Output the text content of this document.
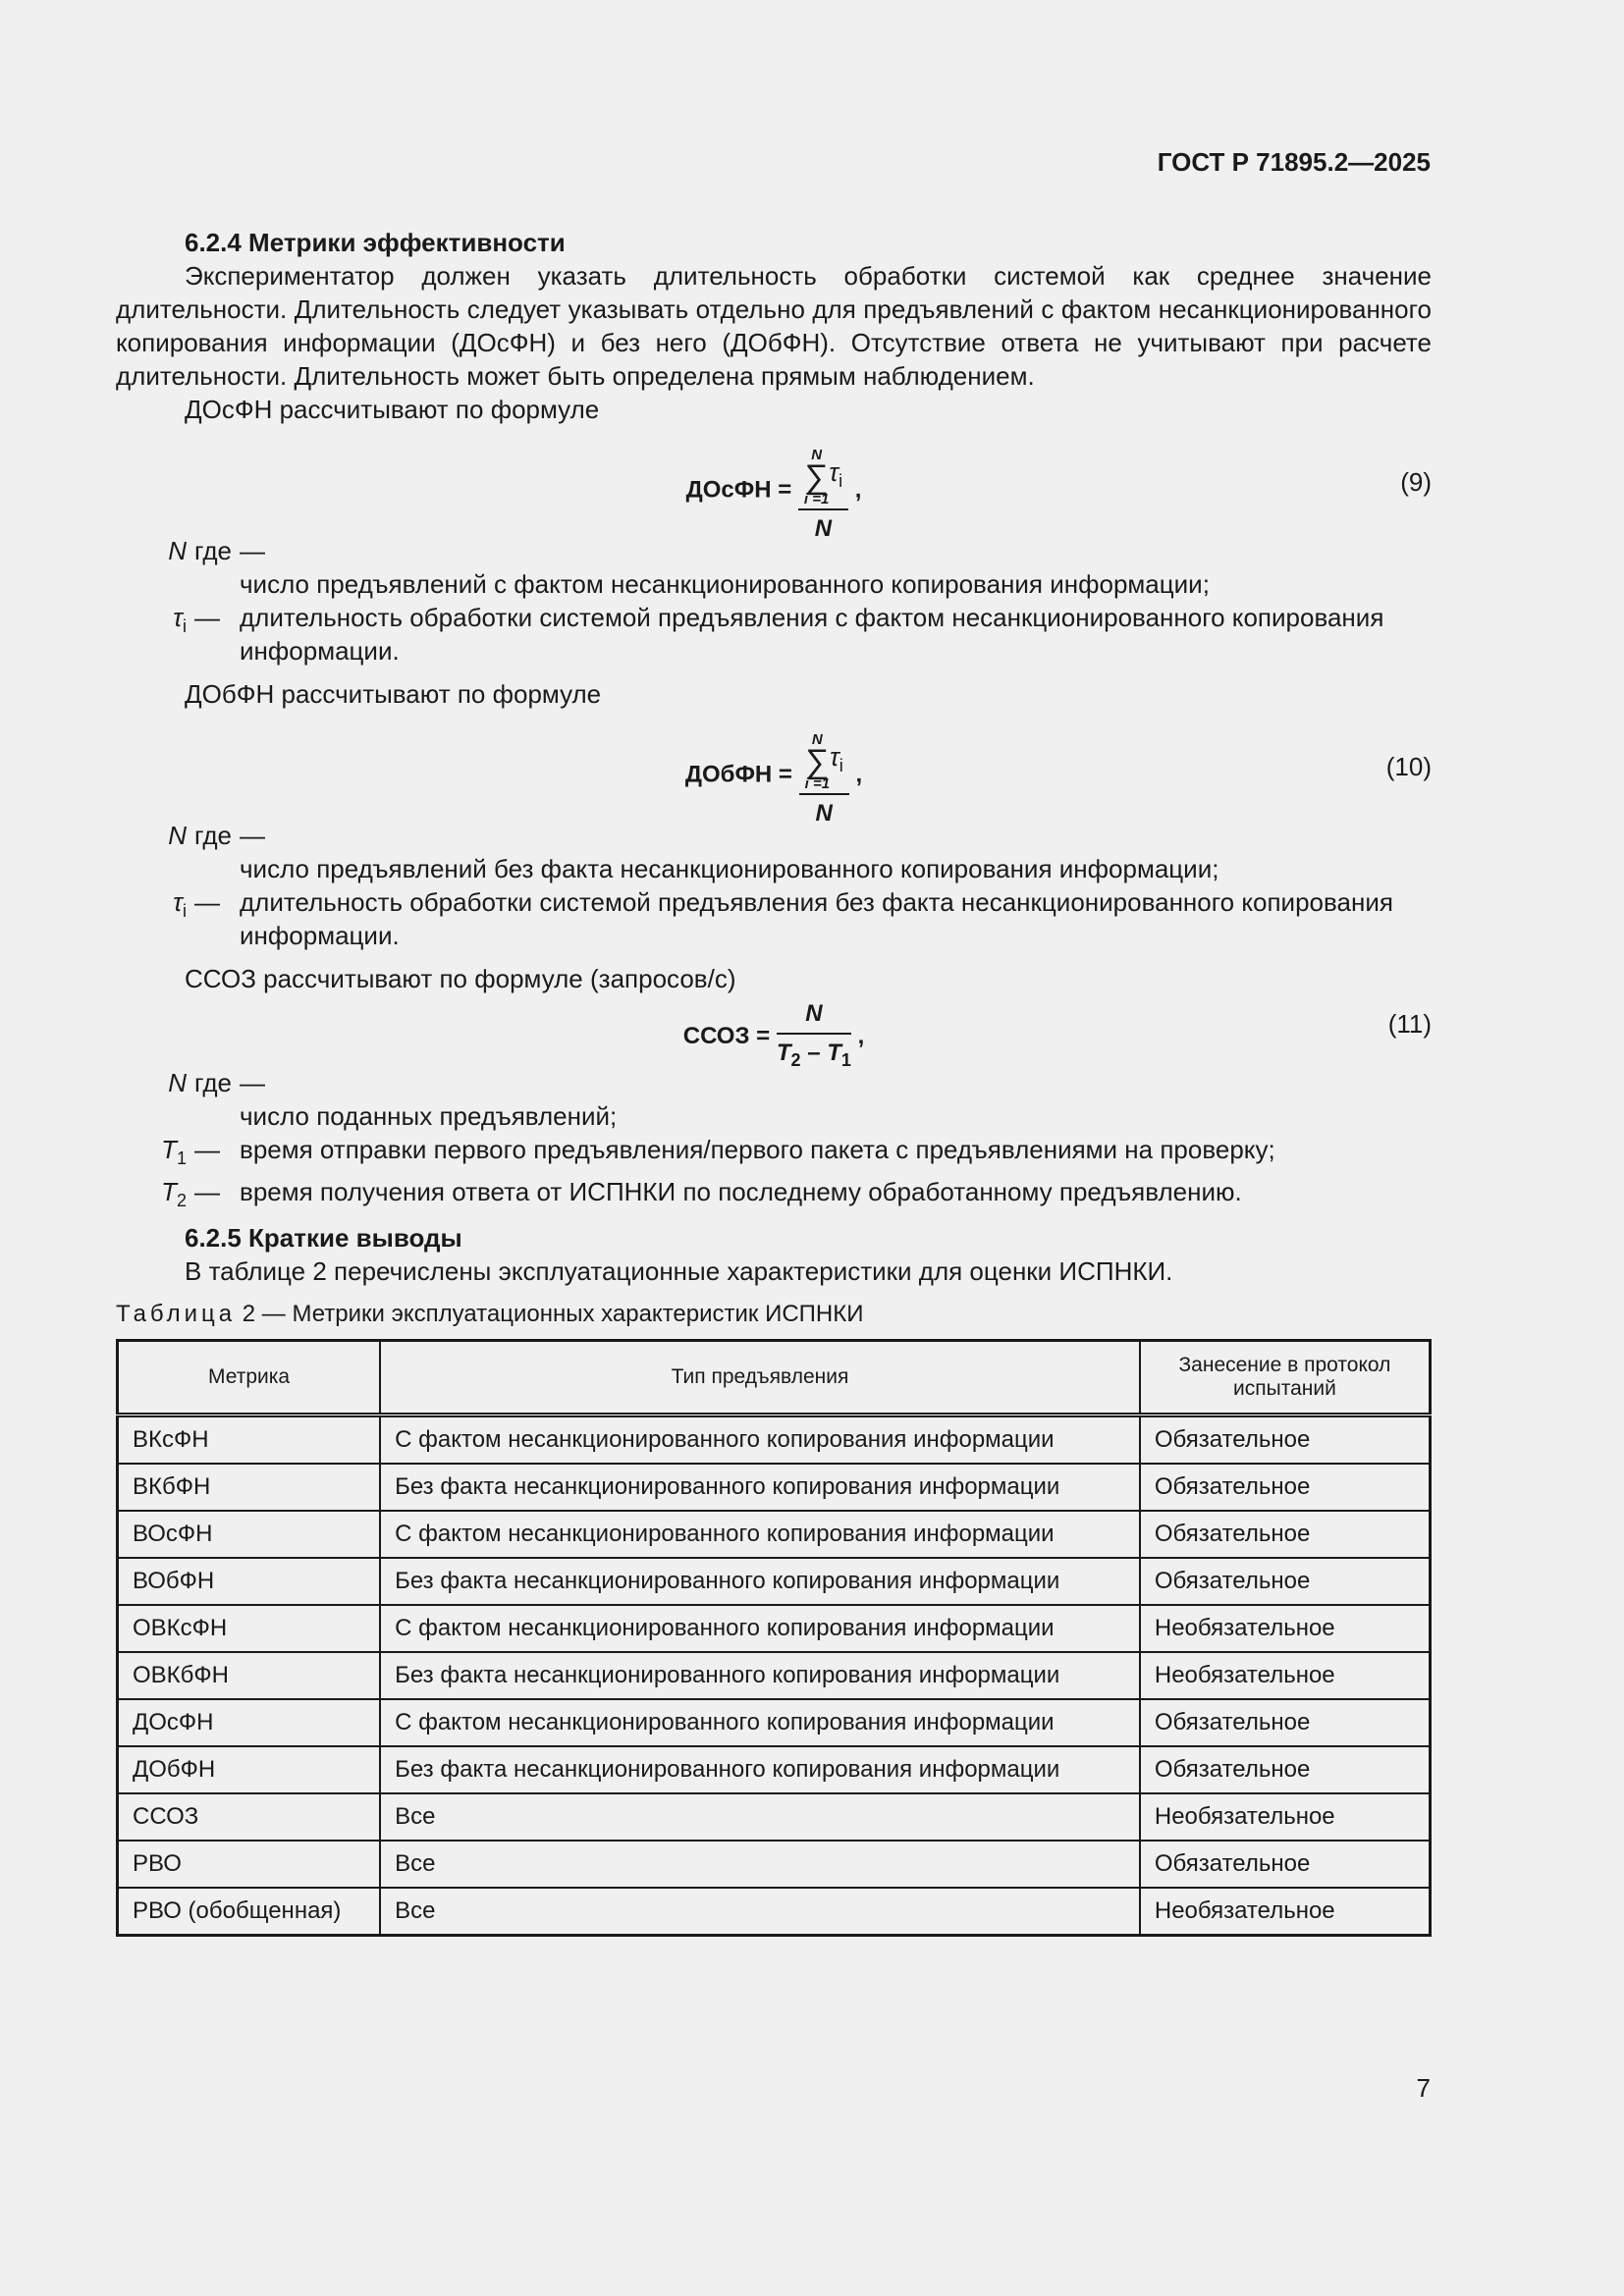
ГОСТ Р 71895.2—2025
6.2.4 Метрики эффективности

Экспериментатор должен указать длительность обработки системой как среднее значение длительности. Длительность следует указывать отдельно для предъявлений с фактом несанкционированного копирования информации (ДОсФН) и без него (ДОбФН). Отсутствие ответа не учитывают при расчете длительности. Длительность может быть определена прямым наблюдением.

ДОсФН рассчитывают по формуле
ДОсФН =
N
∑
i =1
$\tau_i$
N
,	(9)
где
N	—
число предъявлений с фактом несанкционированного копирования информации;
$\tau_i$ — длительность обработки системой предъявления с фактом несанкционированного копирования информации.
ДОбФН рассчитывают по формуле
ДОбФН =
N
∑
i =1
$\tau_i$
N
,	(10)
где
N	—
число предъявлений без факта несанкционированного копирования информации;
$\tau_i$ — длительность обработки системой предъявления без факта несанкционированного копирования информации.
ССОЗ рассчитывают по формуле (запросов/с)
ССОЗ = $\frac{N}{T_2 - T_1}$ ,	(11)
где
N	—
число поданных предъявлений;
$T_1$ — время отправки первого предъявления/первого пакета с предъявлениями на проверку;
$T_2$ — время получения ответа от ИСПНКИ по последнему обработанному предъявлению.
6.2.5 Краткие выводы
В таблице 2 перечислены эксплуатационные характеристики для оценки ИСПНКИ.
Таблица 2 — Метрики эксплуатационных характеристик ИСПНКИ
Метрика	Тип предъявления	Занесение в протокол испытаний
ВКсФН	С фактом несанкционированного копирования информации	Обязательное
ВКбФН	Без факта несанкционированного копирования информации	Обязательное
ВОсФН	С фактом несанкционированного копирования информации	Обязательное
ВОбФН	Без факта несанкционированного копирования информации	Обязательное
ОВКсФН	С фактом несанкционированного копирования информации	Необязательное
ОВКбФН	Без факта несанкционированного копирования информации	Необязательное
ДОсФН	С фактом несанкционированного копирования информации	Обязательное
ДОбФН	Без факта несанкционированного копирования информации	Обязательное
ССОЗ	Все	Необязательное
РВО	Все	Обязательное
РВО (обобщенная)	Все	Необязательное
7
